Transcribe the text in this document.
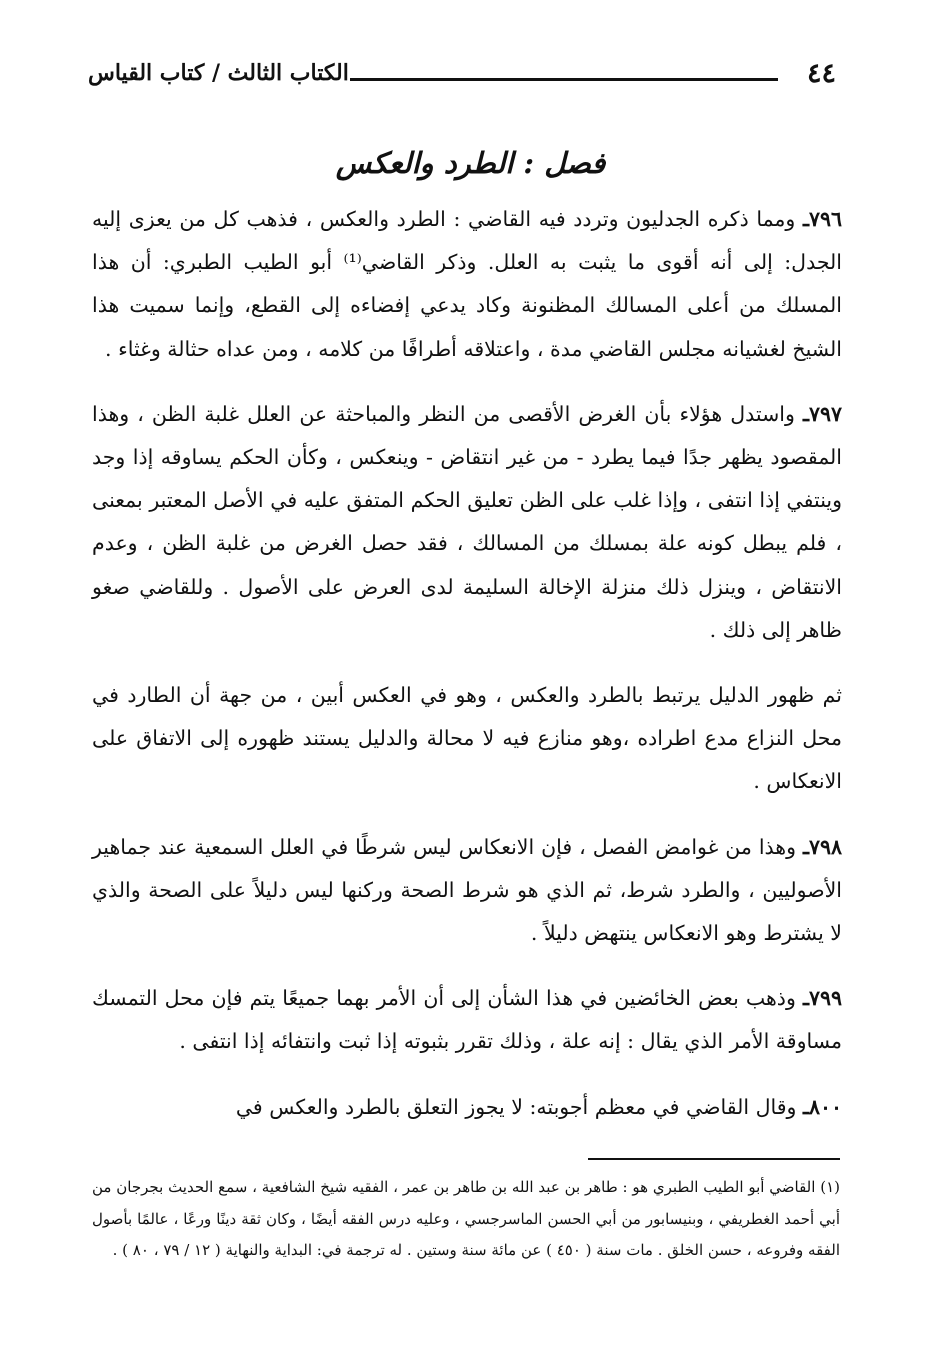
٤٤
الكتاب الثالث / كتاب القياس
فصل : الطرد والعكس

٧٩٦ـ ومما ذكره الجدليون وتردد فيه القاضي : الطرد والعكس ، فذهب كل من يعزى إليه الجدل: إلى أنه أقوى ما يثبت به العلل. وذكر القاضي⁽¹⁾ أبو الطيب الطبري: أن هذا المسلك من أعلى المسالك المظنونة وكاد يدعي إفضاءه إلى القطع، وإنما سميت هذا الشيخ لغشيانه مجلس القاضي مدة ، واعتلاقه أطرافًا من كلامه ، ومن عداه حثالة وغثاء .

٧٩٧ـ واستدل هؤلاء بأن الغرض الأقصى من النظر والمباحثة عن العلل غلبة الظن ، وهذا المقصود يظهر جدًا فيما يطرد - من غير انتقاض - وينعكس ، وكأن الحكم يساوقه إذا وجد وينتفي إذا انتفى ، وإذا غلب على الظن تعليق الحكم المتفق عليه في الأصل المعتبر بمعنى ، فلم يبطل كونه علة بمسلك من المسالك ، فقد حصل الغرض من غلبة الظن ، وعدم الانتقاض ، وينزل ذلك منزلة الإخالة السليمة لدى العرض على الأصول . وللقاضي صغو ظاهر إلى ذلك .

ثم ظهور الدليل يرتبط بالطرد والعكس ، وهو في العكس أبين ، من جهة أن الطارد في محل النزاع مدع اطراده ،وهو منازع فيه لا محالة والدليل يستند ظهوره إلى الاتفاق على الانعكاس .

٧٩٨ـ وهذا من غوامض الفصل ، فإن الانعكاس ليس شرطًا في العلل السمعية عند جماهير الأصوليين ، والطرد شرط، ثم الذي هو شرط الصحة وركنها ليس دليلاً على الصحة والذي لا يشترط وهو الانعكاس ينتهض دليلاً .

٧٩٩ـ وذهب بعض الخائضين في هذا الشأن إلى أن الأمر بهما جميعًا يتم فإن محل التمسك مساوقة الأمر الذي يقال : إنه علة ، وذلك تقرر بثبوته إذا ثبت وانتفائه إذا انتفى .

٨٠٠ـ وقال القاضي في معظم أجوبته: لا يجوز التعلق بالطرد والعكس في

(١) القاضي أبو الطيب الطبري هو : طاهر بن عبد الله بن طاهر بن عمر ، الفقيه شيخ الشافعية ، سمع الحديث بجرجان من أبي أحمد الغطريفي ، وبنيسابور من أبي الحسن الماسرجسي ، وعليه درس الفقه أيضًا ، وكان ثقة دينًا ورعًا ، عالمًا بأصول الفقه وفروعه ، حسن الخلق . مات سنة ( ٤٥٠ ) عن مائة سنة وستين . له ترجمة في: البداية والنهاية ( ١٢ / ٧٩ ، ٨٠ ) .
